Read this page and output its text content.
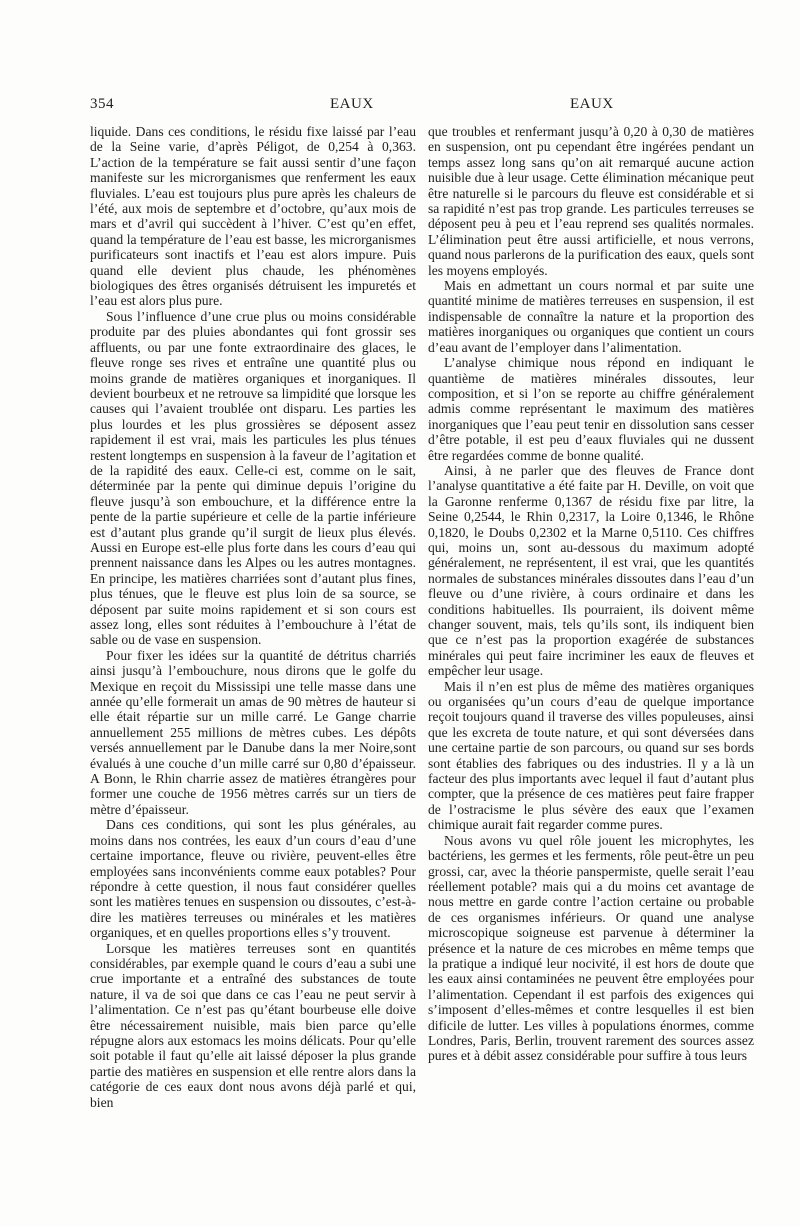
354	EAUX	EAUX

liquide. Dans ces conditions, le résidu fixe laissé par l’eau de la Seine varie, d’après Péligot, de 0,254 à 0,363. L’action de la température se fait aussi sentir d’une façon manifeste sur les microrganismes que renferment les eaux fluviales. L’eau est toujours plus pure après les chaleurs de l’été, aux mois de septembre et d’octobre, qu’aux mois de mars et d’avril qui succèdent à l’hiver. C’est qu’en effet, quand la température de l’eau est basse, les microrganismes purificateurs sont inactifs et l’eau est alors impure. Puis quand elle devient plus chaude, les phénomènes biologiques des êtres organisés détruisent les impuretés et l’eau est alors plus pure.

Sous l’influence d’une crue plus ou moins considérable produite par des pluies abondantes qui font grossir ses affluents, ou par une fonte extraordinaire des glaces, le fleuve ronge ses rives et entraîne une quantité plus ou moins grande de matières organiques et inorganiques. Il devient bourbeux et ne retrouve sa limpidité que lorsque les causes qui l’avaient troublée ont disparu. Les parties les plus lourdes et les plus grossières se déposent assez rapidement il est vrai, mais les particules les plus ténues restent longtemps en suspension à la faveur de l’agitation et de la rapidité des eaux. Celle-ci est, comme on le sait, déterminée par la pente qui diminue depuis l’origine du fleuve jusqu’à son embouchure, et la différence entre la pente de la partie supérieure et celle de la partie inférieure est d’autant plus grande qu’il surgit de lieux plus élevés. Aussi en Europe est-elle plus forte dans les cours d’eau qui prennent naissance dans les Alpes ou les autres montagnes. En principe, les matières charriées sont d’autant plus fines, plus ténues, que le fleuve est plus loin de sa source, se déposent par suite moins rapidement et si son cours est assez long, elles sont réduites à l’embouchure à l’état de sable ou de vase en suspension.

Pour fixer les idées sur la quantité de détritus charriés ainsi jusqu’à l’embouchure, nous dirons que le golfe du Mexique en reçoit du Mississipi une telle masse dans une année qu’elle formerait un amas de 90 mètres de hauteur si elle était répartie sur un mille carré. Le Gange charrie annuellement 255 millions de mètres cubes. Les dépôts versés annuellement par le Danube dans la mer Noire,sont évalués à une couche d’un mille carré sur 0,80 d’épaisseur. A Bonn, le Rhin charrie assez de matières étrangères pour former une couche de 1956 mètres carrés sur un tiers de mètre d’épaisseur.

Dans ces conditions, qui sont les plus générales, au moins dans nos contrées, les eaux d’un cours d’eau d’une certaine importance, fleuve ou rivière, peuvent-elles être employées sans inconvénients comme eaux potables? Pour répondre à cette question, il nous faut considérer quelles sont les matières tenues en suspension ou dissoutes, c’est-à-dire les matières terreuses ou minérales et les matières organiques, et en quelles proportions elles s’y trouvent.

Lorsque les matières terreuses sont en quantités considérables, par exemple quand le cours d’eau a subi une crue importante et a entraîné des substances de toute nature, il va de soi que dans ce cas l’eau ne peut servir à l’alimentation. Ce n’est pas qu’étant bourbeuse elle doive être nécessairement nuisible, mais bien parce qu’elle répugne alors aux estomacs les moins délicats. Pour qu’elle soit potable il faut qu’elle ait laissé déposer la plus grande partie des matières en suspension et elle rentre alors dans la catégorie de ces eaux dont nous avons déjà parlé et qui, bien

que troubles et renfermant jusqu’à 0,20 à 0,30 de matières en suspension, ont pu cependant être ingérées pendant un temps assez long sans qu’on ait remarqué aucune action nuisible due à leur usage. Cette élimination mécanique peut être naturelle si le parcours du fleuve est considérable et si sa rapidité n’est pas trop grande. Les particules terreuses se déposent peu à peu et l’eau reprend ses qualités normales. L’élimination peut être aussi artificielle, et nous verrons, quand nous parlerons de la purification des eaux, quels sont les moyens employés.

Mais en admettant un cours normal et par suite une quantité minime de matières terreuses en suspension, il est indispensable de connaître la nature et la proportion des matières inorganiques ou organiques que contient un cours d’eau avant de l’employer dans l’alimentation.

L’analyse chimique nous répond en indiquant le quantième de matières minérales dissoutes, leur composition, et si l’on se reporte au chiffre généralement admis comme représentant le maximum des matières inorganiques que l’eau peut tenir en dissolution sans cesser d’être potable, il est peu d’eaux fluviales qui ne dussent être regardées comme de bonne qualité.

Ainsi, à ne parler que des fleuves de France dont l’analyse quantitative a été faite par H. Deville, on voit que la Garonne renferme 0,1367 de résidu fixe par litre, la Seine 0,2544, le Rhin 0,2317, la Loire 0,1346, le Rhône 0,1820, le Doubs 0,2302 et la Marne 0,5110. Ces chiffres qui, moins un, sont au-dessous du maximum adopté généralement, ne représentent, il est vrai, que les quantités normales de substances minérales dissoutes dans l’eau d’un fleuve ou d’une rivière, à cours ordinaire et dans les conditions habituelles. Ils pourraient, ils doivent même changer souvent, mais, tels qu’ils sont, ils indiquent bien que ce n’est pas la proportion exagérée de substances minérales qui peut faire incriminer les eaux de fleuves et empêcher leur usage.

Mais il n’en est plus de même des matières organiques ou organisées qu’un cours d’eau de quelque importance reçoit toujours quand il traverse des villes populeuses, ainsi que les excreta de toute nature, et qui sont déversées dans une certaine partie de son parcours, ou quand sur ses bords sont établies des fabriques ou des industries. Il y a là un facteur des plus importants avec lequel il faut d’autant plus compter, que la présence de ces matières peut faire frapper de l’ostracisme le plus sévère des eaux que l’examen chimique aurait fait regarder comme pures.

Nous avons vu quel rôle jouent les microphytes, les bactériens, les germes et les ferments, rôle peut-être un peu grossi, car, avec la théorie panspermiste, quelle serait l’eau réellement potable? mais qui a du moins cet avantage de nous mettre en garde contre l’action certaine ou probable de ces organismes inférieurs. Or quand une analyse microscopique soigneuse est parvenue à déterminer la présence et la nature de ces microbes en même temps que la pratique a indiqué leur nocivité, il est hors de doute que les eaux ainsi contaminées ne peuvent être employées pour l’alimentation. Cependant il est parfois des exigences qui s’imposent d’elles-mêmes et contre lesquelles il est bien dificile de lutter. Les villes à populations énormes, comme Londres, Paris, Berlin, trouvent rarement des sources assez pures et à débit assez considérable pour suffire à tous leurs
